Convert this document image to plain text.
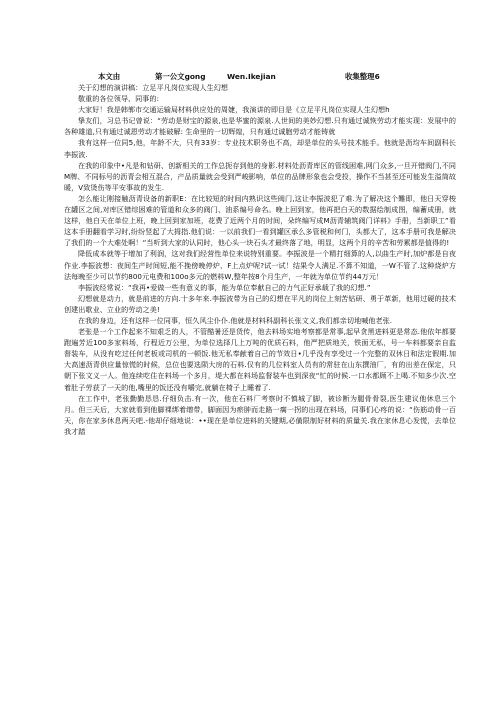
本文由	第一公文gong	Wen.Ikejian	收集整理6

关于幻想的演讲稿：立足平凡岗位实现人生幻想

敬重的各位领导、同事的:

大家好！我是韩郸市交通运输局材料供应处的周婕，我演讲的即目是《立足平凡岗位实现人生幻想h

挚友们，习总书记曾说：“劳动是财宝的源泉,也是华蜜的源泉.人世间的美妙幻想.只有通过诚恢劳动才能实现：发展中的各种雄道,只有通过诚恩劳动才能破解: 生命里的一切辉煌，只有通过诚胞劳动才能铸就

我有这样一位同5,他，年龄不大，只有33岁：专业技术职务也不高，却是单位的头号技术能手。他就是沥均车间副科长李振波.

在我的印象中•凡是和钻研、创新相关的工作总扼存到他的身影.材料处沥青库区的管线困难,网门众多,一旦开错阀门,不同M牌、不同标号的沥青会相互混合，产品质量就会受到严峻影响，单位的品牌形象也会受投，操作不当甚至还可能发生溢筒故暖，V致烫伤等平安事故的发生.

怎么能让刚接触沥青设备的新职E：在比较短的时间内熟识这些阀门,这让李振波犯了难.为了解决这个難即，他日天穿梭在罐区之间,对库区错综困难的管道和众多的阀门、油系编号命名。晚上回到家，他再把白天的数据绘制成图，编蓄成册，就这样，他白天在单位上班，晚上回到家加班，花费了近两个月的时间，朵终编写成M沥青辅筑阀门详料》手册，当新职工”看这本手册翻看学习时,纷纷竖起了大拇指.他们说：一以前我们一看到罐区承么多管税和何门，头都大了，这本手册可我是解决了我们的一个大难处啊！“当听到大家的认同时，他心头一块石头才最终落了地，明显，这两个月的辛苦和劳累都是值得的!

降低成本就等于增加了利润，这对我们经营性单位来说特别重要。李振波是一个精打细算的人,以曲生产时,加炉都是自夜作业.李振波想：夜间生产时间短,能不挽傍晚停炉、F上点炉呢?试一试！结果令人满足.不算不知道，一W不管了.这种烧炉方法每晚至少可以节约800元电费和100o多元的燃料W,整年按8个月生产，一年就为单位节约44万元！

李振波经常说：“我再•爱做一些有意义的事，能为单位奉献自己的力气正好承载了我的幻想.”

幻想就是动力，就是前进的方向.十多年来.李振波带为自己的幻想在平凡的岗位上刻苦钻研、勇于革新，他用过硬的技术创建出歌业、立业的劳动之美!

在我的身边，还有这样一位同事，恒久风尘仆仆.他就是材料科副科长张文义,我们都亲切地喊他老张.

老张是一个工作起来不知艰乏的人，不管酷暑还是货传，他去料场实地考察都是常事,起早贪黑进料更是常态.他依年都要跑遍芳近100多家料场，行程近万公里，为单位选择几上万吨的优质石料，他严把质地关，铁面无私，号一车料都要亲自监督装车，从没有吃过任何老板或司机的一顿饭.他无私奉献着自己的节效日•几乎没有享受过一个完整的双休日和法定假期.加大高速沥青供应量惊慌的时候，总位也要选陨大房的石料.仅有的几位料室人员有的常驻在山东撰油厂，有的出差在保定，只朝下张文义一人。他连续吃住在料场一个多月，堤大都在料场监督装车也到深夜“忙的时候.一口水都顾不上喝.不知多少次.空着肚子劳获了一天的他,嘴里的饭还没有嚼完,就躺在椅子上睡着了.

在工作中，老张勤勤恳恳.仔细负击.有一次，他在石料厂考察时不慎城了脚，被诊断为腿骨骨裂,医生建议他休息三个月。但三天后，大家就看到他脚裸绑着缯带，脚面因为瘀肿而走路一瘸一拐的出现在料场，同事们心疼的说：“伤筋动骨一百天，你在家多休息两天吧.-他却仔细地说：••现在是单位进料的关键期,必僙限制好材料的质量关.我在家休息心发慌，去单位我才踏
